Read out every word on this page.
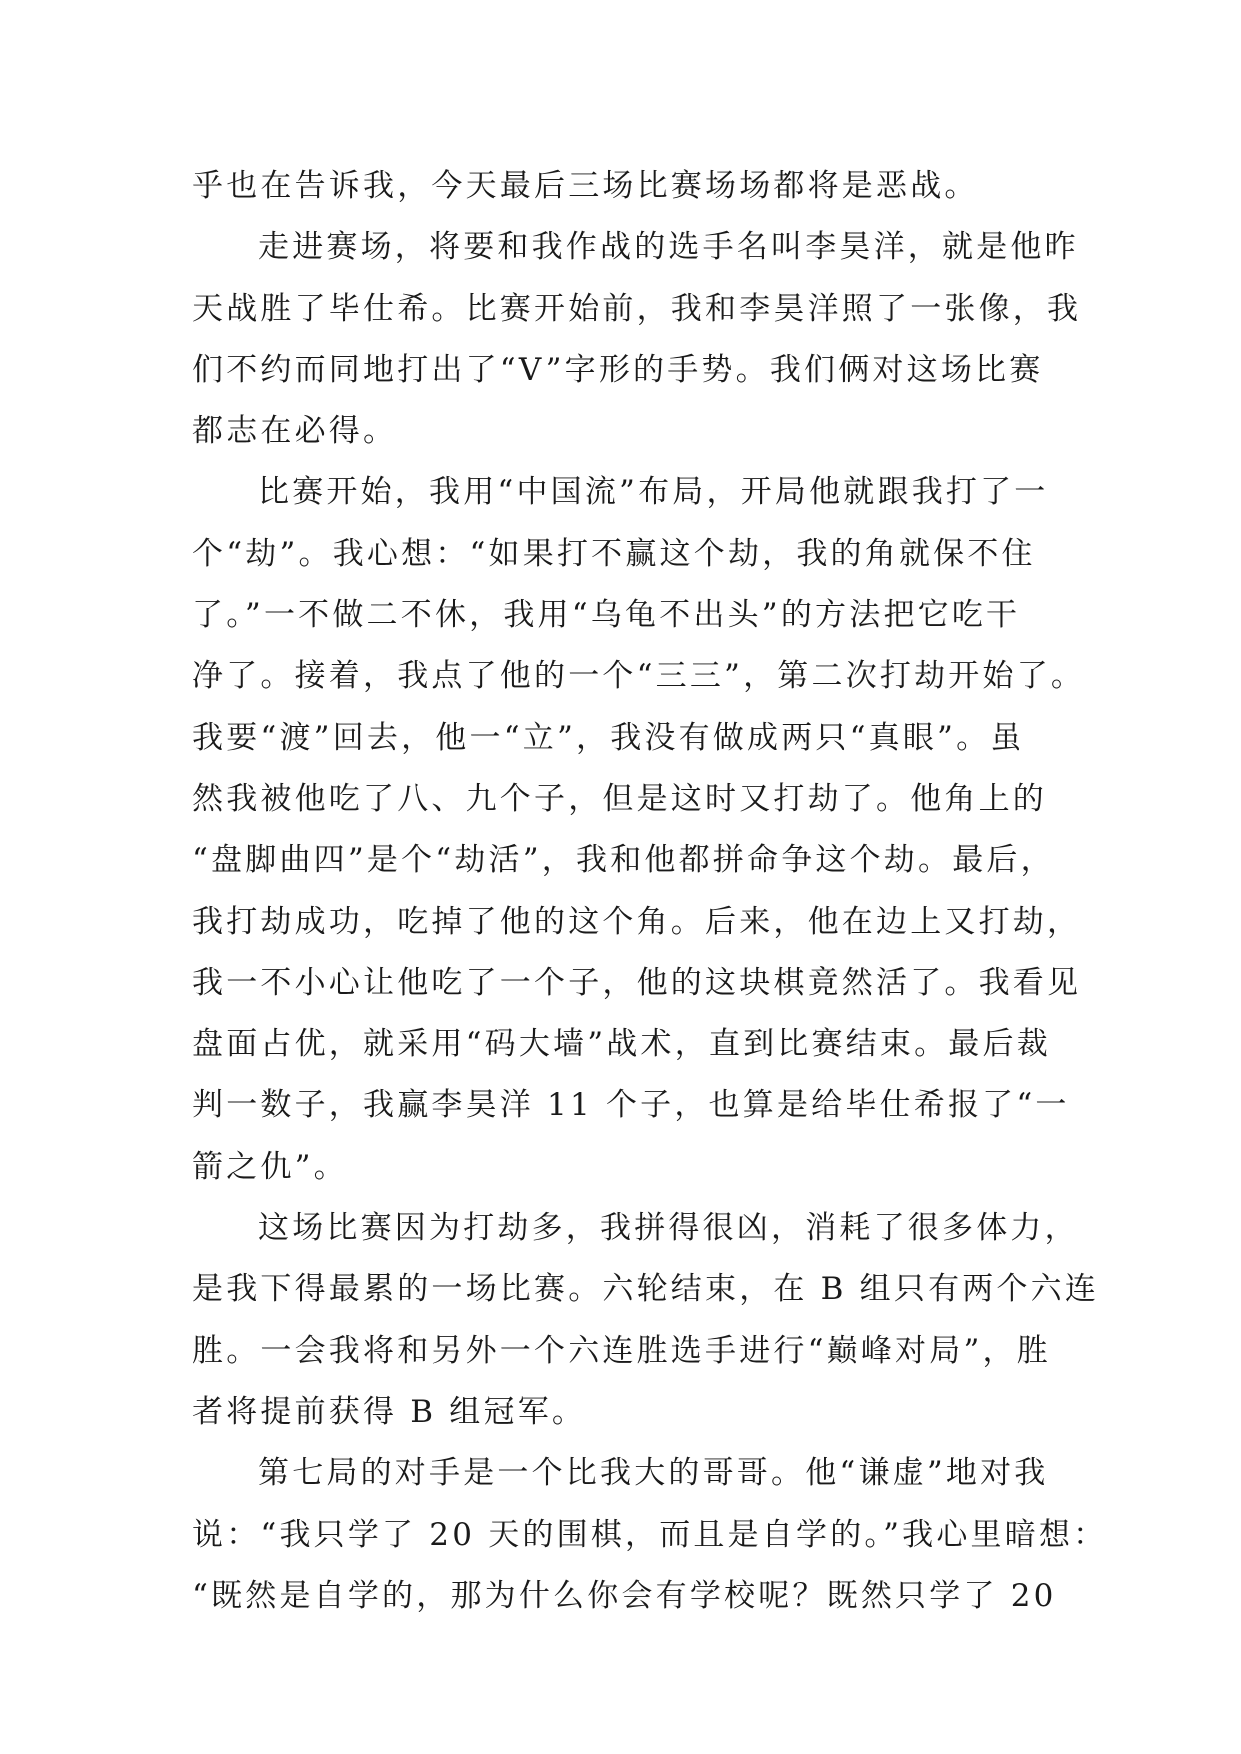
乎也在告诉我，今天最后三场比赛场场都将是恶战。
走进赛场，将要和我作战的选手名叫李昊洋，就是他昨
天战胜了毕仕希。比赛开始前，我和李昊洋照了一张像，我
们不约而同地打出了“V”字形的手势。我们俩对这场比赛
都志在必得。
比赛开始，我用“中国流”布局，开局他就跟我打了一
个“劫”。我心想：“如果打不赢这个劫，我的角就保不住
了。”一不做二不休，我用“乌龟不出头”的方法把它吃干
净了。接着，我点了他的一个“三三”，第二次打劫开始了。
我要“渡”回去，他一“立”，我没有做成两只“真眼”。虽
然我被他吃了八、九个子，但是这时又打劫了。他角上的
“盘脚曲四”是个“劫活”，我和他都拼命争这个劫。最后，
我打劫成功，吃掉了他的这个角。后来，他在边上又打劫，
我一不小心让他吃了一个子，他的这块棋竟然活了。我看见
盘面占优，就采用“码大墙”战术，直到比赛结束。最后裁
判一数子，我赢李昊洋 11 个子，也算是给毕仕希报了“一
箭之仇”。
这场比赛因为打劫多，我拼得很凶，消耗了很多体力，
是我下得最累的一场比赛。六轮结束，在 B 组只有两个六连
胜。一会我将和另外一个六连胜选手进行“巅峰对局”，胜
者将提前获得 B 组冠军。
第七局的对手是一个比我大的哥哥。他“谦虚”地对我
说：“我只学了 20 天的围棋，而且是自学的。”我心里暗想：
“既然是自学的，那为什么你会有学校呢？既然只学了 20
